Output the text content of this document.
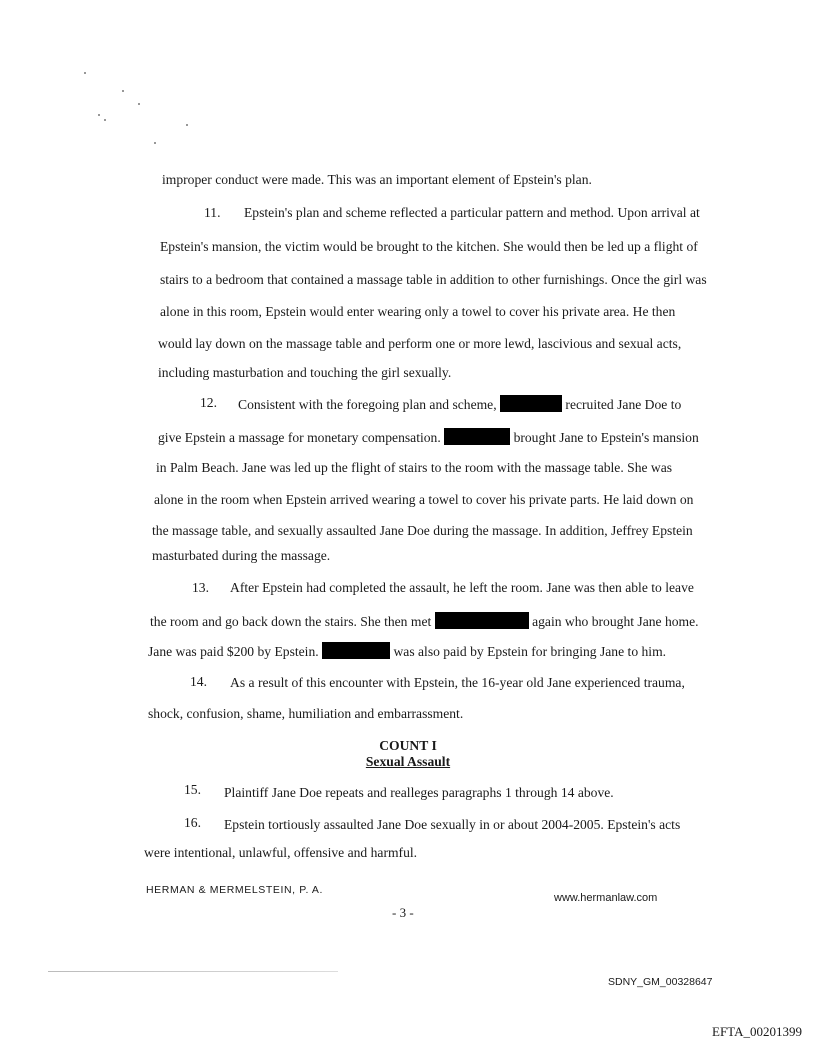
improper conduct were made. This was an important element of Epstein's plan.
11. Epstein's plan and scheme reflected a particular pattern and method. Upon arrival at
Epstein's mansion, the victim would be brought to the kitchen. She would then be led up a flight of
stairs to a bedroom that contained a massage table in addition to other furnishings. Once the girl was
alone in this room, Epstein would enter wearing only a towel to cover his private area. He then
would lay down on the massage table and perform one or more lewd, lascivious and sexual acts,
including masturbation and touching the girl sexually.
12. Consistent with the foregoing plan and scheme,	recruited Jane Doe to
give Epstein a massage for monetary compensation.	brought Jane to Epstein's mansion
in Palm Beach. Jane was led up the flight of stairs to the room with the massage table. She was
alone in the room when Epstein arrived wearing a towel to cover his private parts. He laid down on
the massage table, and sexually assaulted Jane Doe during the massage. In addition, Jeffrey Epstein
masturbated during the massage.
13. After Epstein had completed the assault, he left the room. Jane was then able to leave
the room and go back down the stairs. She then met	again who brought Jane home.
Jane was paid $200 by Epstein.	was also paid by Epstein for bringing Jane to him.
14. As a result of this encounter with Epstein, the 16-year old Jane experienced trauma,
shock, confusion, shame, humiliation and embarrassment.
COUNT I
Sexual Assault
15. Plaintiff Jane Doe repeats and realleges paragraphs 1 through 14 above.
16. Epstein tortiously assaulted Jane Doe sexually in or about 2004-2005. Epstein's acts
were intentional, unlawful, offensive and harmful.
HERMAN & MERMELSTEIN, P. A.
www.hermanlaw.com
- 3 -
SDNY_GM_00328647
EFTA_00201399
